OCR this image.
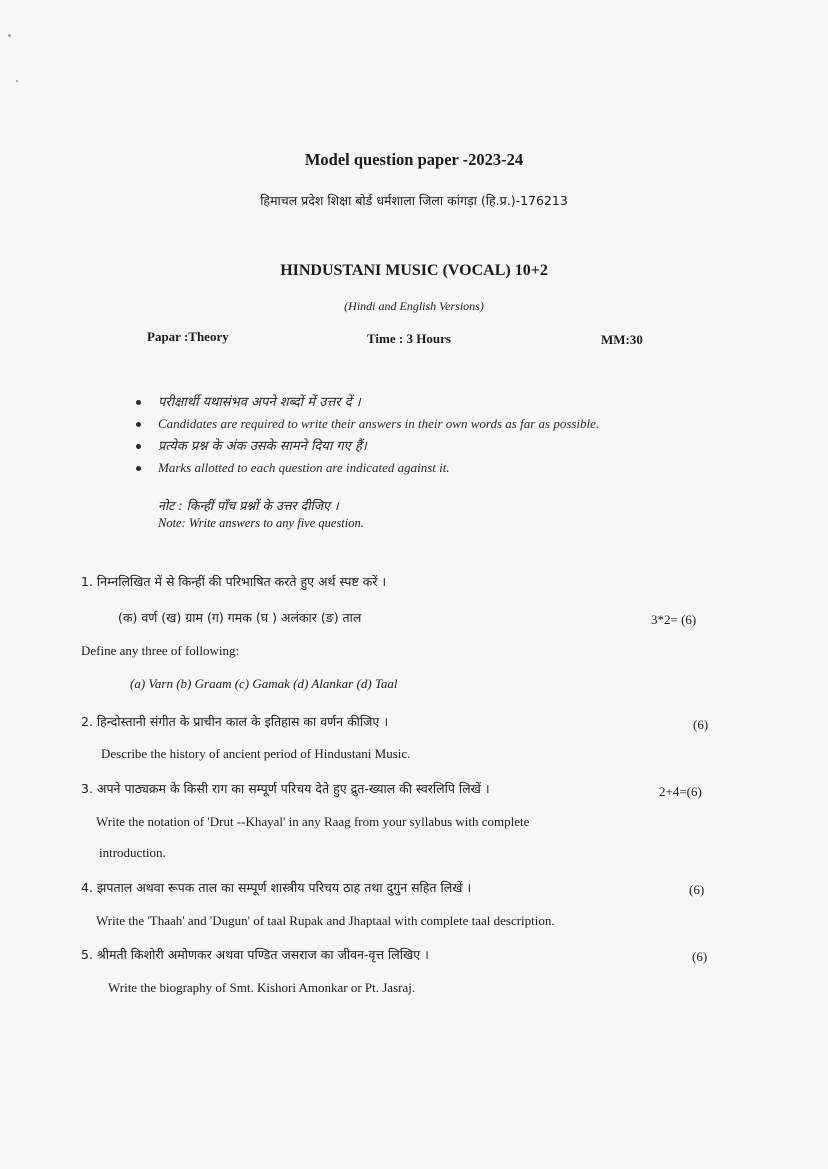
Model question paper -2023-24
हिमाचल प्रदेश शिक्षा बोर्ड धर्मशाला जिला कांगड़ा (हि.प्र.)-176213
HINDUSTANI MUSIC (VOCAL) 10+2
(Hindi and English Versions)
Papar :Theory	Time : 3 Hours	MM:30
परीक्षार्थी यथासंभव अपने शब्दों में उत्तर दें ।
Candidates are required to write their answers in their own words as far as possible.
प्रत्येक प्रश्न के अंक उसके सामने दिया गए हैं।
Marks allotted to each question are indicated against it.
नोट : किन्हीं पाँच प्रश्नों के उत्तर दीजिए ।
Note: Write answers to any five question.
1. निम्नलिखित में से किन्हीं की परिभाषित करते हुए अर्थ स्पष्ट करें ।
(क) वर्ण (ख) ग्राम (ग) गमक (घ ) अलंकार (ङ) ताल	3*2= (6)
Define any three of following:
(a) Varn (b) Graam (c) Gamak (d) Alankar (d) Taal
2. हिन्दोस्तानी संगीत के प्राचीन काल के इतिहास का वर्णन कीजिए ।	(6)
Describe the history of ancient period of Hindustani Music.
3. अपने पाठ्यक्रम के किसी राग का सम्पूर्ण परिचय देते हुए द्रुत-ख्याल की स्वरलिपि लिखें ।	2+4=(6)
Write the notation of 'Drut --Khayal' in any Raag from your syllabus with complete
introduction.
4. झपताल अथवा रूपक ताल का सम्पूर्ण शास्त्रीय परिचय ठाह तथा दुगुन सहित लिखें ।	(6)
Write the 'Thaah' and 'Dugun' of taal Rupak and Jhaptaal with complete taal description.
5. श्रीमती किशोरी अमोणकर अथवा पण्डित जसराज का जीवन-वृत्त लिखिए ।	(6)
Write the biography of Smt. Kishori Amonkar or Pt. Jasraj.
